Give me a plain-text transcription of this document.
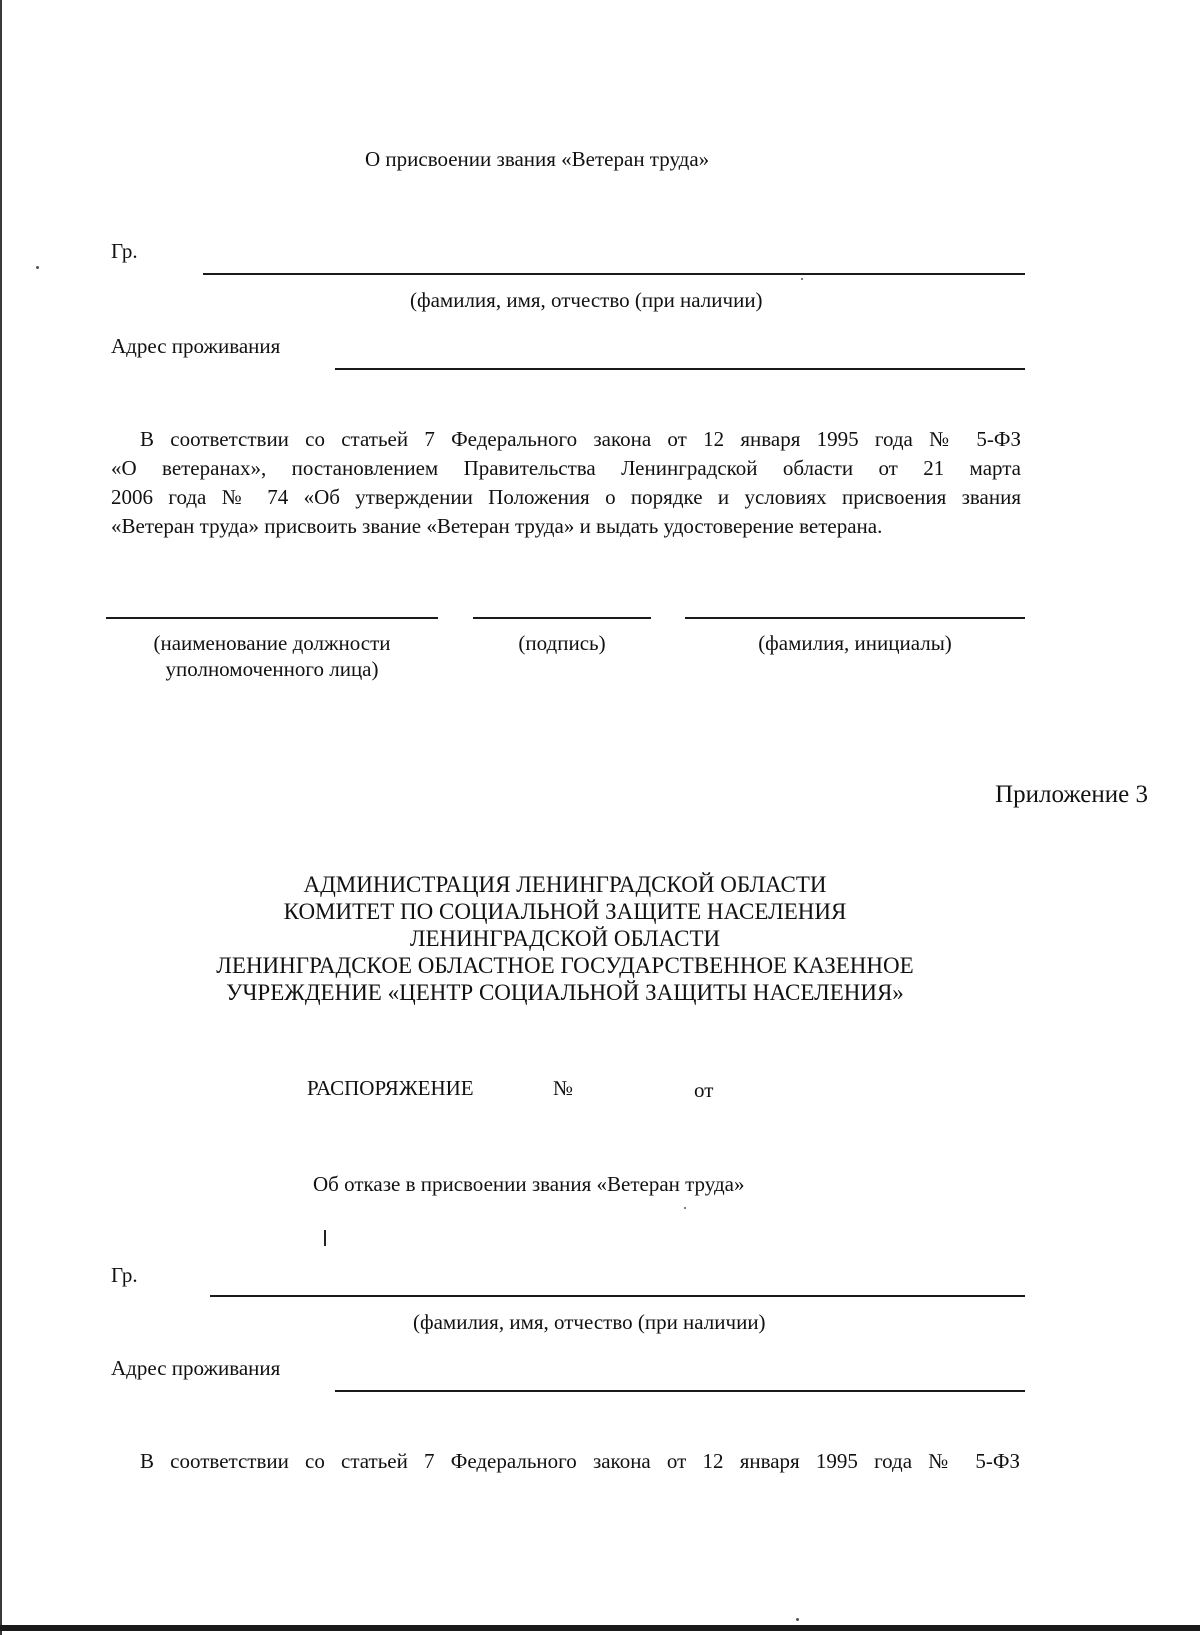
О присвоении звания «Ветеран труда»
Гр.
(фамилия, имя, отчество (при наличии)
Адрес проживания
В соответствии со статьей 7 Федерального закона от 12 января 1995 года № 5-ФЗ
«О ветеранах», постановлением Правительства Ленинградской области от 21 марта
2006 года № 74 «Об утверждении Положения о порядке и условиях присвоения звания
«Ветеран труда» присвоить звание «Ветеран труда» и выдать удостоверение ветерана.
(наименование должности
уполномоченного лица)
(подпись)	(фамилия, инициалы)
Приложение 3
АДМИНИСТРАЦИЯ ЛЕНИНГРАДСКОЙ ОБЛАСТИ
КОМИТЕТ ПО СОЦИАЛЬНОЙ ЗАЩИТЕ НАСЕЛЕНИЯ
ЛЕНИНГРАДСКОЙ ОБЛАСТИ
ЛЕНИНГРАДСКОЕ ОБЛАСТНОЕ ГОСУДАРСТВЕННОЕ КАЗЕННОЕ
УЧРЕЖДЕНИЕ «ЦЕНТР СОЦИАЛЬНОЙ ЗАЩИТЫ НАСЕЛЕНИЯ»
РАСПОРЯЖЕНИЕ	№	от
Об отказе в присвоении звания «Ветеран труда»
Гр.
(фамилия, имя, отчество (при наличии)
Адрес проживания
В соответствии со статьей 7 Федерального закона от 12 января 1995 года № 5-ФЗ
